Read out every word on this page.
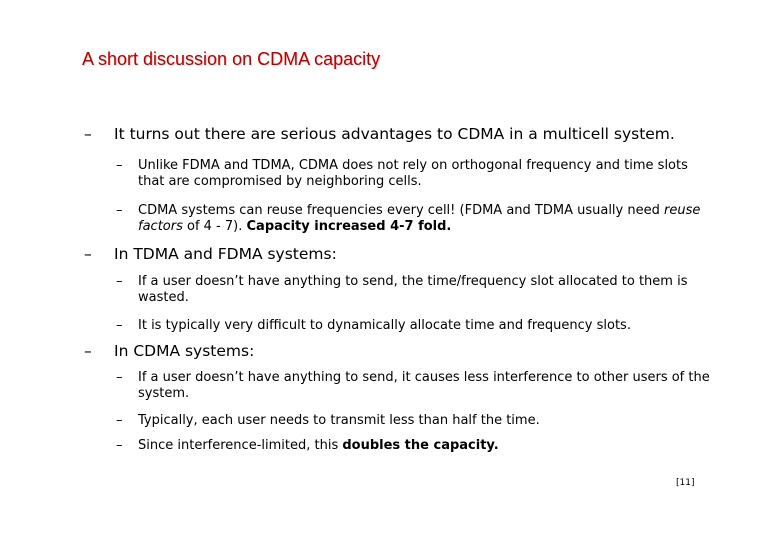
A short discussion on CDMA capacity
–	It turns out there are serious advantages to CDMA in a multicell system.
–	Unlike FDMA and TDMA, CDMA does not rely on orthogonal frequency and time slots that are compromised by neighboring cells.
–	CDMA systems can reuse frequencies every cell! (FDMA and TDMA usually need reuse factors of 4 - 7). Capacity increased 4-7 fold.
–	In TDMA and FDMA systems:
–	If a user doesn’t have anything to send, the time/frequency slot allocated to them is wasted.
–	It is typically very difficult to dynamically allocate time and frequency slots.
–	In CDMA systems:
–	If a user doesn’t have anything to send, it causes less interference to other users of the system.
–	Typically, each user needs to transmit less than half the time.
–	Since interference-limited, this doubles the capacity.
[11]
